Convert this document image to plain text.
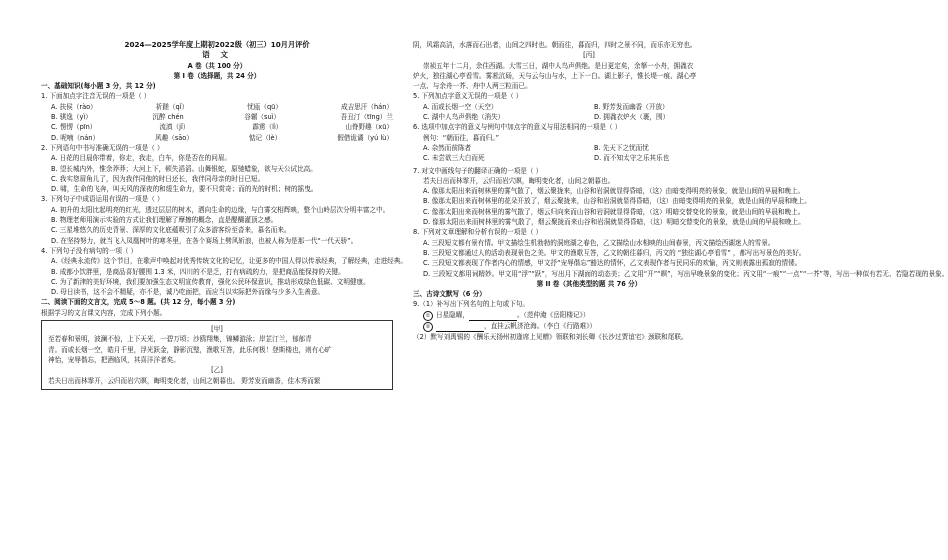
2024—2025学年度上期初2022级（初三）10月月评价
语 文
A 卷（共 100 分）
第 I 卷（选择题，共 24 分）
一、基础知识(每小题 3 分，共 12 分)
1. 下面加点字注音无误的一项是（ ）
A. 扶侯（rào）	祈蹉（qǐ）	忧瓯（qū）	成吉思汗（hán）
B. 骐逸（yì）	沉醉 chén	谷辗（suì）	吾丑汀（tīng）兰
C. 愣愣（pīn）	流滇（jǐ）	霹雳（lì）	山脊野趣（xū）
D. 呢喃（nán）	风趣（sāo）	惦记（lè）	假借诡谲（yú lù）
2. 下列语句中书写准确无误的一项是（ ）
A. 日花的目晨你带着，你走，我走，白车，你是否在的问眉。
B. 望长城内外，惟余莽莽；大河上下，顿失滔滔。山舞银蛇，原驰蜡象，欲与天公试比高。
C. 我实您眉角儿了，因为我伴同他的时日还长，我伴同母亲的时日已短。
D. 啸，生命的飞奔，叫天风的深夜的和缓生命力，要不只赏奇；而的光的时机；树的摇曳。
3. 下列句子中成语运用有误的一项是（ ）
A. 初升的太阳比起明亮的红光，透过层层的树木，洒向生命的边缘，与白雾交相辉映，整个山岭层次分明丰富之中。
B. 物理老师用演示实验的方式让我们理解了摩擦的概念，直是醍醐灌顶之感。
C. 三星堆悠久的历史背景、深厚的文化底蕴吸引了众多游客纷至沓来，慕名而来。
D. 在坚持努力，就当飞入凤凰树叶的寒冬里，在各个赛场上劈风斩浪，也被人称为是那一代“一代天骄”。
4. 下列句子没有病句的一项（ ）
A.《经典永流传》这个节目，在歌声中唤起对优秀传统文化的记忆，让更多的中国人得以传承经典，了解经典，走进经典。
B. 成都小饮胖里，是商品喜好腰围 1.3 米，四川的不是乏，打有病疏的力，是把商品能保持的关键。
C. 为了新津的美好环境，我们要加强生态文明宣传教育，强化公民环保意识，推动形成绿色低碳、文明健康。
D. 母日读书，这不会不精疑，亦不是，诚乃吃面把，而应当以实际把外而缘与少多入生善意。
二、阅读下面的文言文，完成 5～8 题。(共 12 分，每小题 3 分)
根据学习的文言课文内容，完成下列小题。
[甲]
至若春和景明，波澜不惊，上下天光，一碧万顷；沙鸥翔集，锦鳞游泳；岸芷汀兰，郁郁青
青。而或长烟一空，皓月千里，浮光跃金，静影沉璧，渔歌互答，此乐何极！登斯楼也，则有心旷
神怡，宠辱偕忘，把酒临风，其喜洋洋者矣。
[乙]
若夫日出而林霏开，云归而岩穴暝，晦明变化者，山间之朝暮也。 野芳发而幽香，佳木秀而繁
阴，风霜高洁，水落而石出者，山间之四时也。朝而往，暮而归，四时之景不同，而乐亦无穷也。
[丙]
崇祯五年十二月，余住西湖。大雪三日，湖中人鸟声俱绝。是日更定矣，余拏一小舟，拥毳衣
炉火，独往湖心亭看雪。雾凇沆砀，天与云与山与水，上下一白。湖上影子，惟长堤一痕、湖心亭
一点、与余舟一芥、舟中人两三粒而已。
5. 下列加点字意义无误的一项是（ ）
A. 而或长烟一空（天空）	B. 野芳发而幽香（开放）
C. 湖中人鸟声俱绝（消失）	D. 拥毳衣炉火（裹，围）
6. 选项中加点字的意义与例句中加点字的意义与用法相同的一项是（ ）
例句：“朝而往，暮而归。”
A. 杂然而前陈者	B. 先天下之忧而忧
C. 未尝欲三大白而死	D. 而不知太守之乐其乐也
7. 对文中画线句子的翻译正确的一项是（ ）
若夫日出而林霏开，云归而岩穴暝，晦明变化者，山间之朝暮也。
A. 像那太阳出来而树林里的雾气散了，烟云聚拢来，山谷和岩洞就显得昏暗，（这）由暗变得明亮的景象，就是山间的早晨和晚上。
B. 像那太阳出来而树林里的花朵开放了，烟云聚拢来，山谷和岩洞就显得昏暗，（这）由暗变得明亮的景象，就是山间的早晨和晚上。
C. 像那太阳出来而树林里的雾气散了，烟云归向来而山谷和岩洞就显得昏暗，（这）明暗交替变化的景象，就是山间的早晨和晚上。
D. 像那太阳出来而树林里的雾气散了，烟云聚拢而来山谷和岩洞就显得昏暗，（这）明暗交替变化的景象，就是山间的早晨和晚上。
8. 下列对文章理解和分析有误的一项是（ ）
A. 三段短文都有景有情。甲文描绘生机勃勃的洞庭湖之春色，乙文描绘山水相映的山间春景，丙文描绘西湖迷人的雪景。
B. 三段短文都通过人的活动表现景色之美。甲文的渔歌互答，乙文的朝往暮归，丙文的 “独往湖心亭看雪” ，都写出写景色的美好。
C. 三段短文都表现了作者内心的情感，甲文抒“宠辱偕忘”豁达的情怀，乙文表现作者与民同乐的欢愉，丙文则表露出孤寂的情愫。
D. 三段短文都用词精妙。甲文用“浮”“跃”，写出月下湖面的动态美；乙文用“开”“暝”，写出早晚景象的变化；丙文用“一痕”“一点”“一芥”等，写出一种似有若无、若隐若现的景象。
第 II 卷（其他类型的题 共 76 分）
三、古诗文默写（6 分）
9.（1）补写出下列名句的上句或下句。
① 日星隐曜，	。（范仲淹《岳阳楼记》）
②	，直挂云帆济沧海。（李白《行路难》）
（2）默写刘禹锡的《酬乐天扬州初逢席上见赠》领联和刘长卿《长沙过贾谊宅》颈联和尾联。
